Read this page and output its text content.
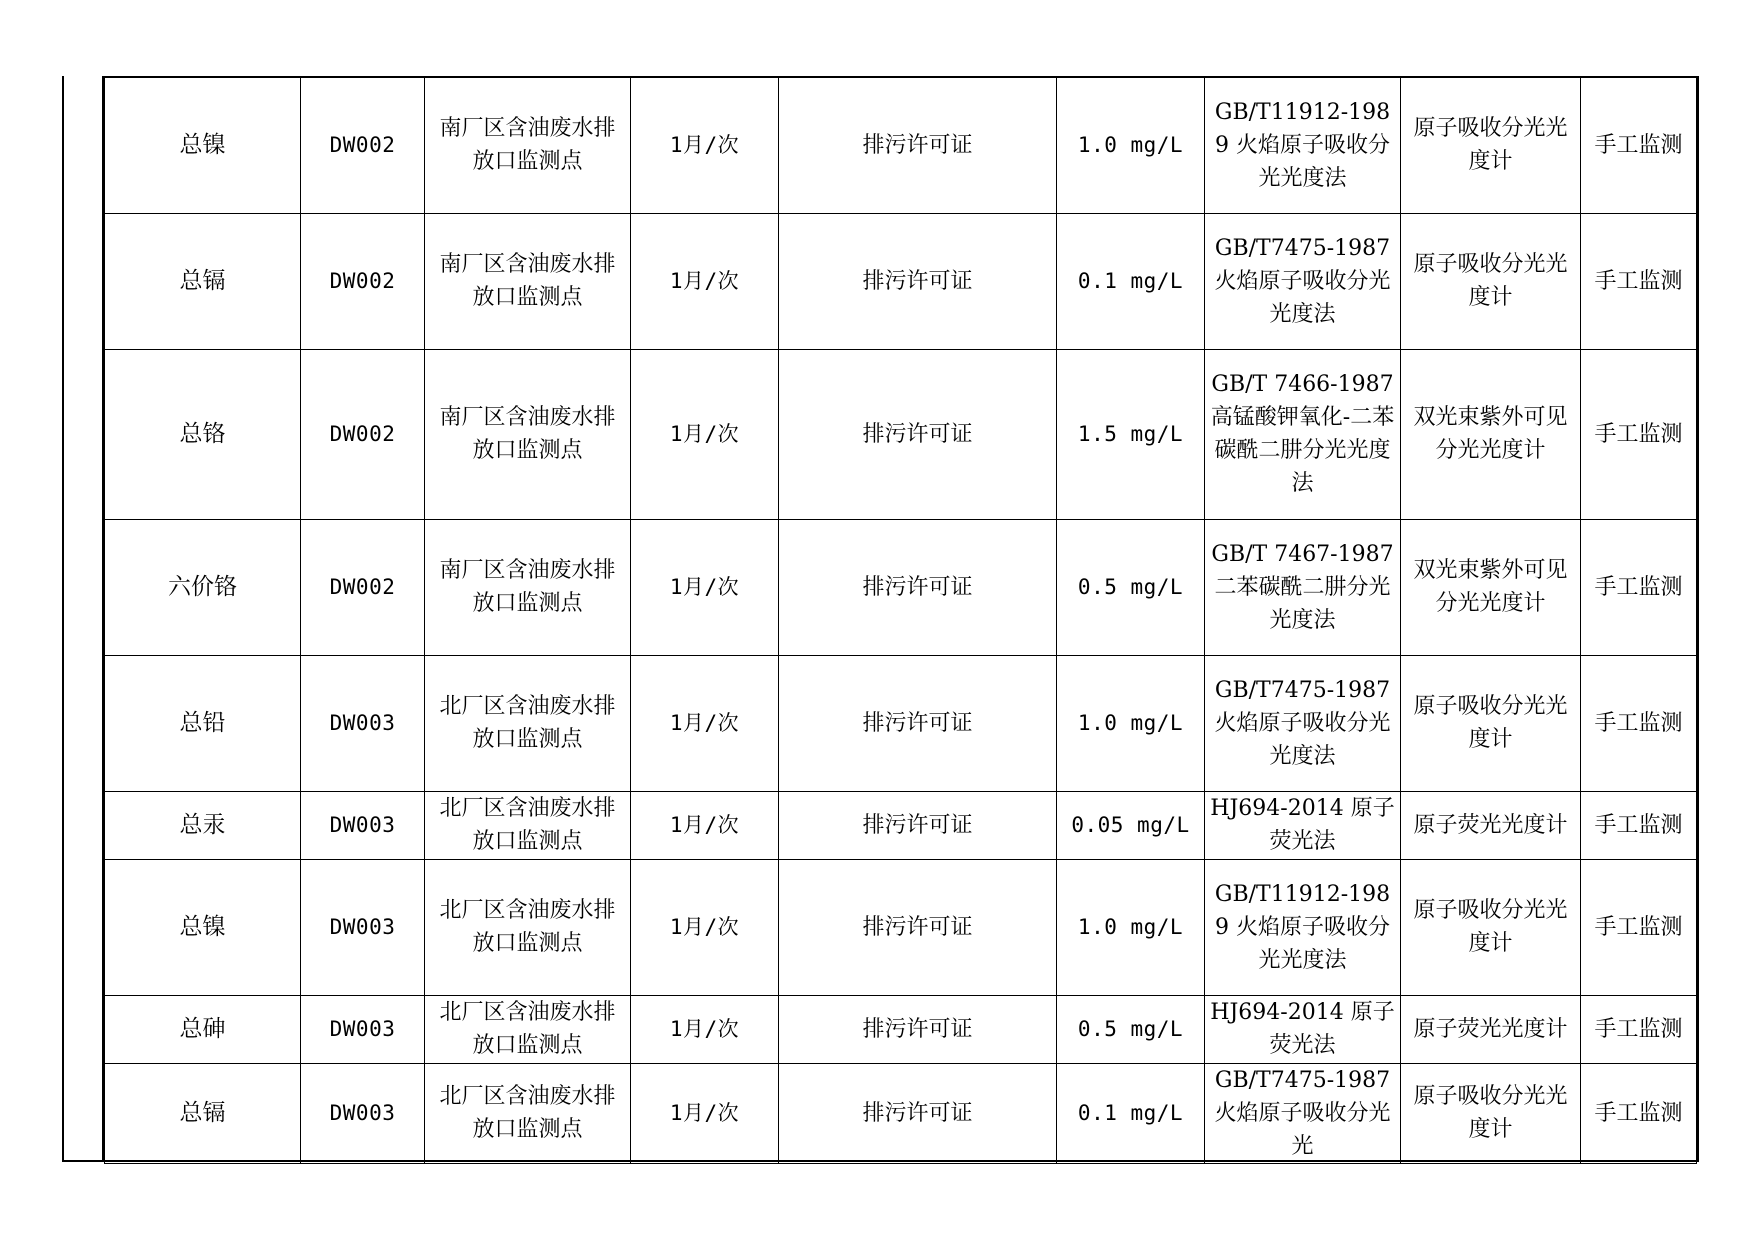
总镍	DW002	南厂区含油废水排放口监测点	1月/次	排污许可证	1.0 mg/L	GB/T11912-1989 火焰原子吸收分光光度法	原子吸收分光光度计	手工监测
总镉	DW002	南厂区含油废水排放口监测点	1月/次	排污许可证	0.1 mg/L	GB/T7475-1987 火焰原子吸收分光光度法	原子吸收分光光度计	手工监测
总铬	DW002	南厂区含油废水排放口监测点	1月/次	排污许可证	1.5 mg/L	GB/T 7466-1987 高锰酸钾氧化-二苯碳酰二肼分光光度法	双光束紫外可见分光光度计	手工监测
六价铬	DW002	南厂区含油废水排放口监测点	1月/次	排污许可证	0.5 mg/L	GB/T 7467-1987 二苯碳酰二肼分光光度法	双光束紫外可见分光光度计	手工监测
总铅	DW003	北厂区含油废水排放口监测点	1月/次	排污许可证	1.0 mg/L	GB/T7475-1987 火焰原子吸收分光光度法	原子吸收分光光度计	手工监测
总汞	DW003	北厂区含油废水排放口监测点	1月/次	排污许可证	0.05 mg/L	HJ694-2014 原子荧光法	原子荧光光度计	手工监测
总镍	DW003	北厂区含油废水排放口监测点	1月/次	排污许可证	1.0 mg/L	GB/T11912-1989 火焰原子吸收分光光度法	原子吸收分光光度计	手工监测
总砷	DW003	北厂区含油废水排放口监测点	1月/次	排污许可证	0.5 mg/L	HJ694-2014 原子荧光法	原子荧光光度计	手工监测
总镉	DW003	北厂区含油废水排放口监测点	1月/次	排污许可证	0.1 mg/L	GB/T7475-1987 火焰原子吸收分光光	原子吸收分光光度计	手工监测
